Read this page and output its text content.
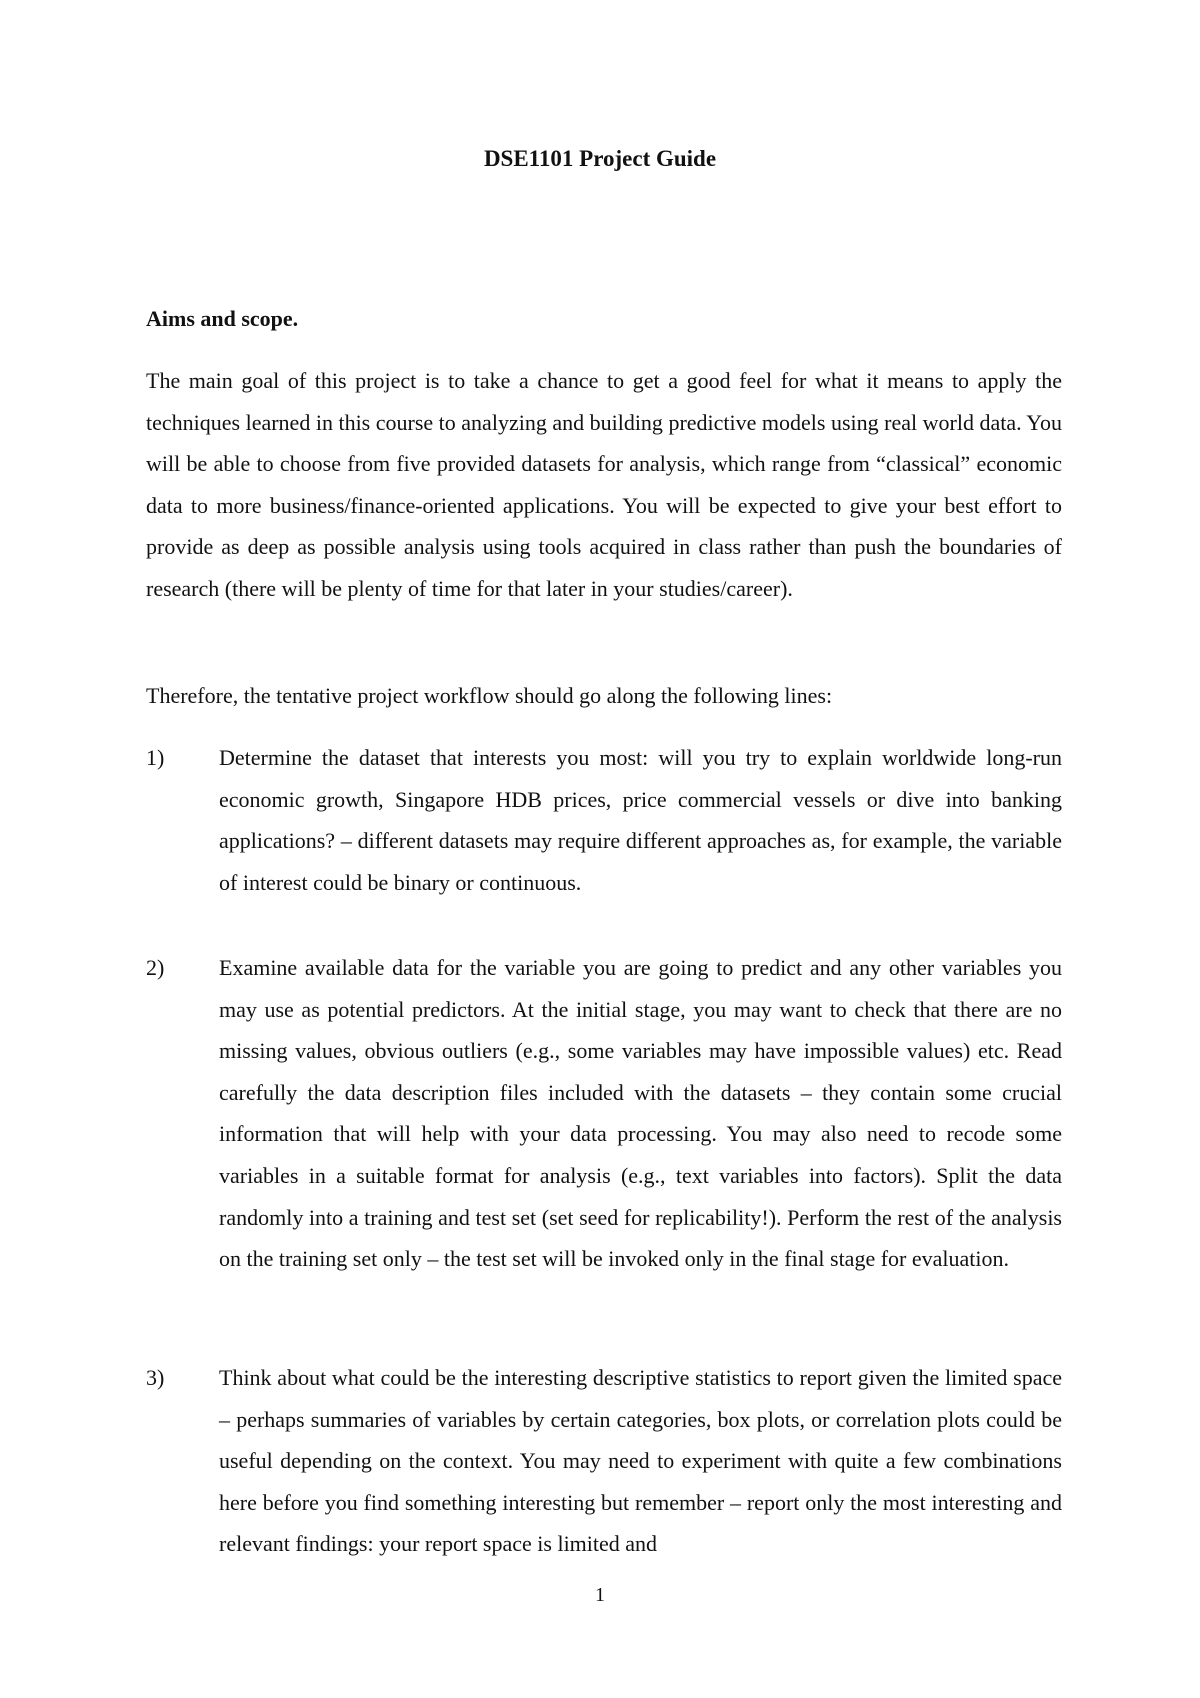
DSE1101 Project Guide
Aims and scope.

The main goal of this project is to take a chance to get a good feel for what it means to apply the techniques learned in this course to analyzing and building predictive models using real world data. You will be able to choose from five provided datasets for analysis, which range from “classical” economic data to more business/finance-oriented applications. You will be expected to give your best effort to provide as deep as possible analysis using tools acquired in class rather than push the boundaries of research (there will be plenty of time for that later in your studies/career).

Therefore, the tentative project workflow should go along the following lines:

1) Determine the dataset that interests you most: will you try to explain worldwide long-run economic growth, Singapore HDB prices, price commercial vessels or dive into banking applications? – different datasets may require different approaches as, for example, the variable of interest could be binary or continuous.
2) Examine available data for the variable you are going to predict and any other variables you may use as potential predictors. At the initial stage, you may want to check that there are no missing values, obvious outliers (e.g., some variables may have impossible values) etc. Read carefully the data description files included with the datasets – they contain some crucial information that will help with your data processing. You may also need to recode some variables in a suitable format for analysis (e.g., text variables into factors). Split the data randomly into a training and test set (set seed for replicability!). Perform the rest of the analysis on the training set only – the test set will be invoked only in the final stage for evaluation.
3) Think about what could be the interesting descriptive statistics to report given the limited space – perhaps summaries of variables by certain categories, box plots, or correlation plots could be useful depending on the context. You may need to experiment with quite a few combinations here before you find something interesting but remember – report only the most interesting and relevant findings: your report space is limited and

1
